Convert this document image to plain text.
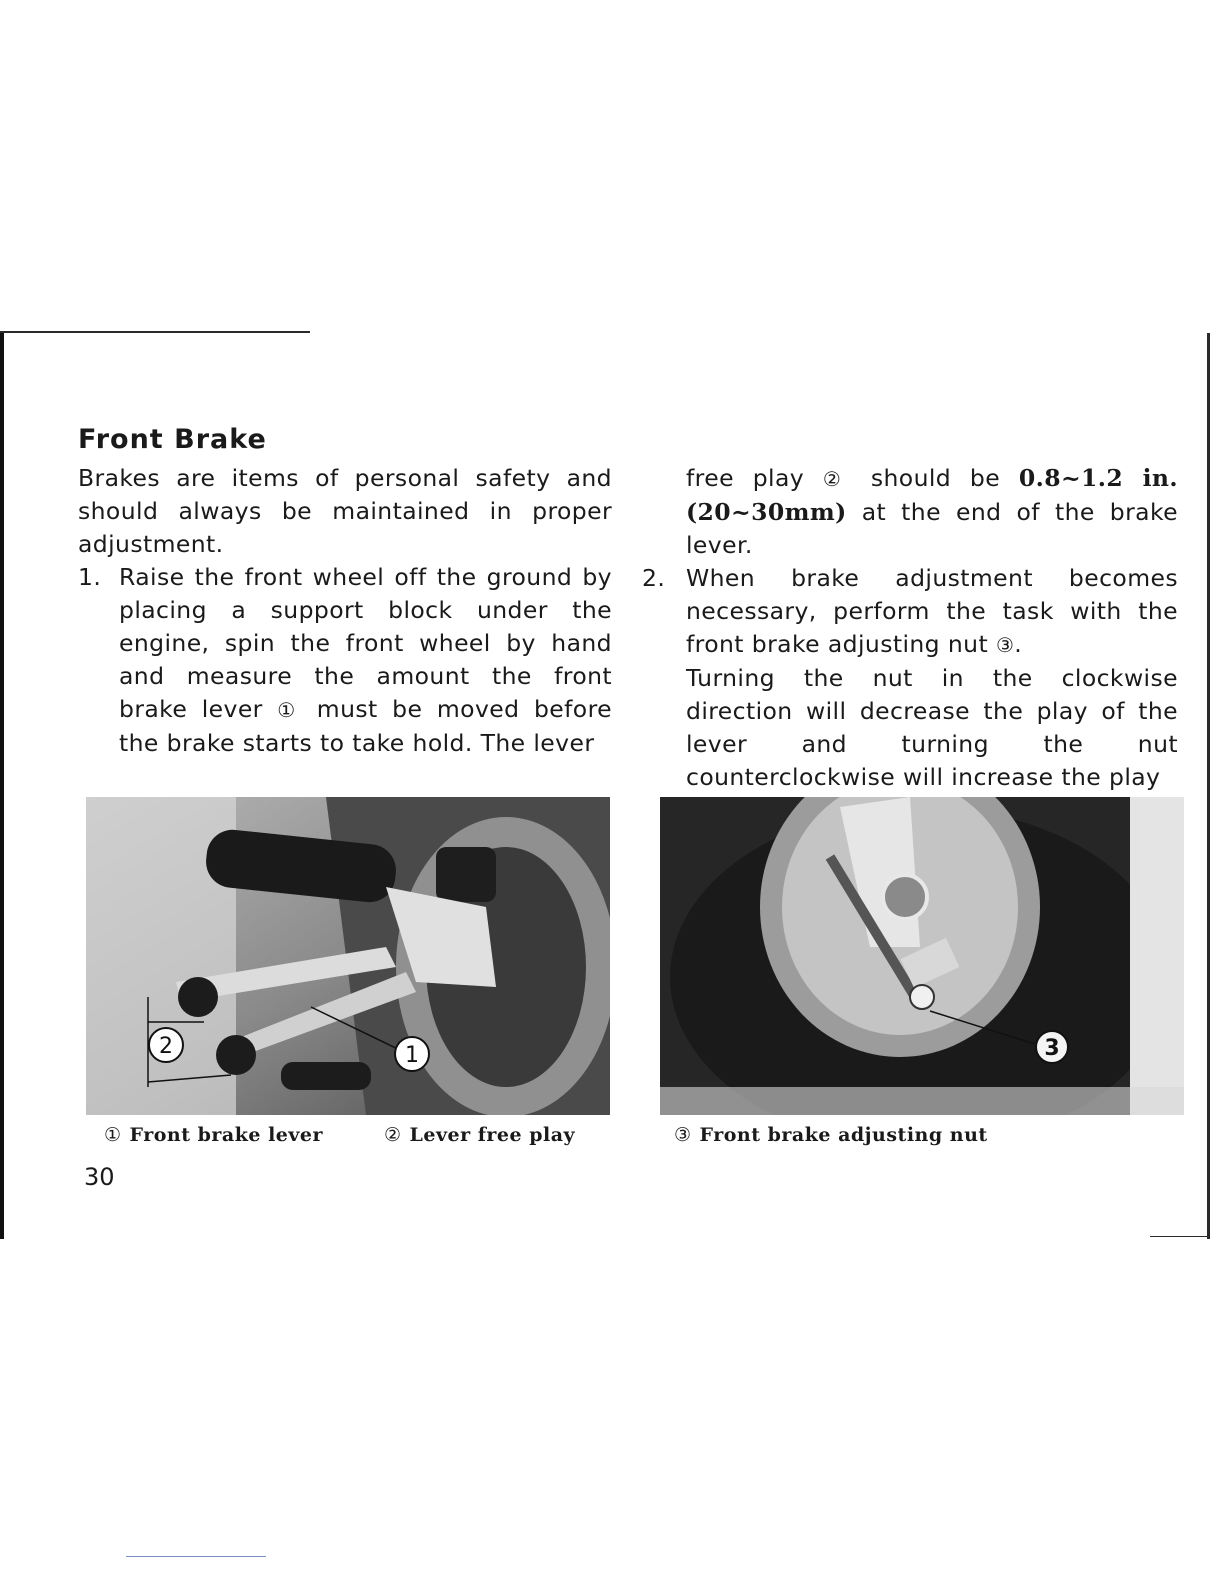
Front Brake

Brakes are items of personal safety and should always be maintained in proper adjustment.

1. Raise the front wheel off the ground by placing a support block under the engine, spin the front wheel by hand and measure the amount the front brake lever ① must be moved before the brake starts to take hold. The lever

free play ② should be 0.8~1.2 in. (20~30mm) at the end of the brake lever.

2. When brake adjustment becomes necessary, perform the task with the front brake adjusting nut ③.

Turning the nut in the clockwise direction will decrease the play of the lever and turning the nut counterclockwise will increase the play

2	1	3
① Front brake lever	② Lever free play	③ Front brake adjusting nut
30
